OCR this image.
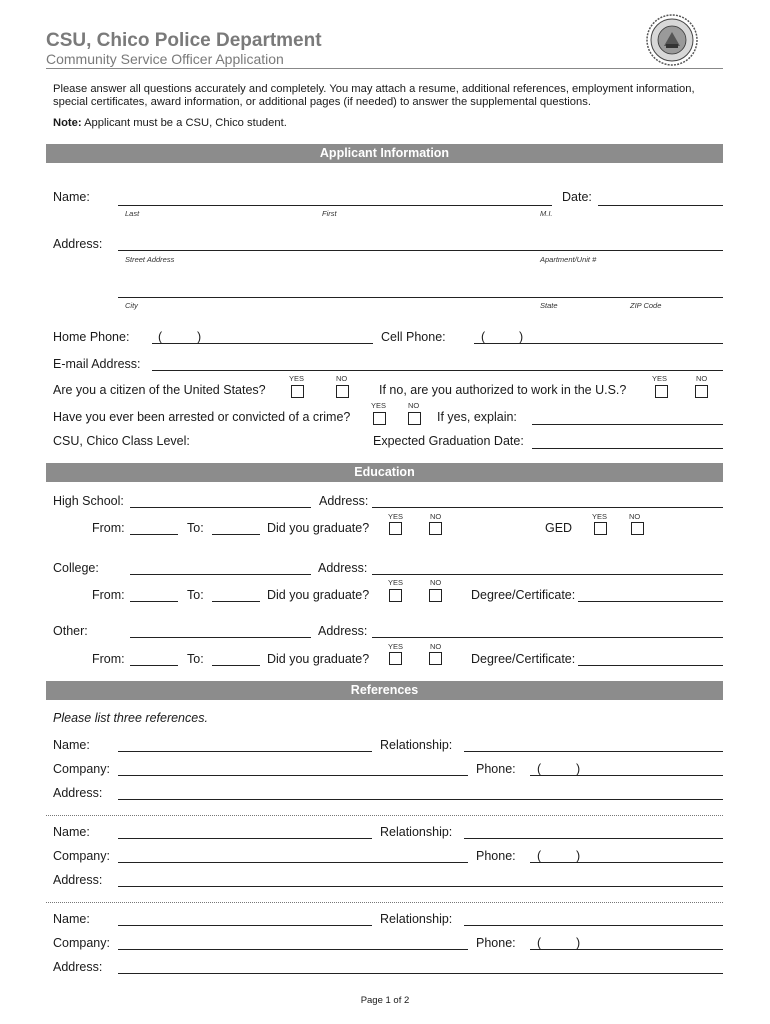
CSU, Chico Police Department
Community Service Officer Application
Please answer all questions accurately and completely. You may attach a resume, additional references, employment information,
special certificates, award information, or additional pages (if needed) to answer the supplemental questions.
Note: Applicant must be a CSU, Chico student.
Applicant Information
Name:	Date:
Last	First	M.I.
Address:
Street Address	Apartment/Unit #
City	State	ZIP Code
Home Phone: (	)	Cell Phone:	(	)
E-mail Address:
YES	NO
Are you a citizen of the United States?	If no, are you authorized to work in the U.S.?
YES	NO
YES	NO
Have you ever been arrested or convicted of a crime?	If yes, explain:
CSU, Chico Class Level:	Expected Graduation Date:
Education
High School:	Address:
YES	NO
From:	To:	Did you graduate?	GED
YES	NO
College:	Address:
YES	NO
From:	To:	Did you graduate?	Degree/Certificate:
Other:	Address:
YES	NO
From:	To:	Did you graduate?	Degree/Certificate:
References
Please list three references.
Name:	Relationship:
Company:	Phone: (	)
Address:
Name:	Relationship:
Company:	Phone: (	)
Address:
Name:	Relationship:
Company:	Phone: (	)
Address:
Page 1 of 2
